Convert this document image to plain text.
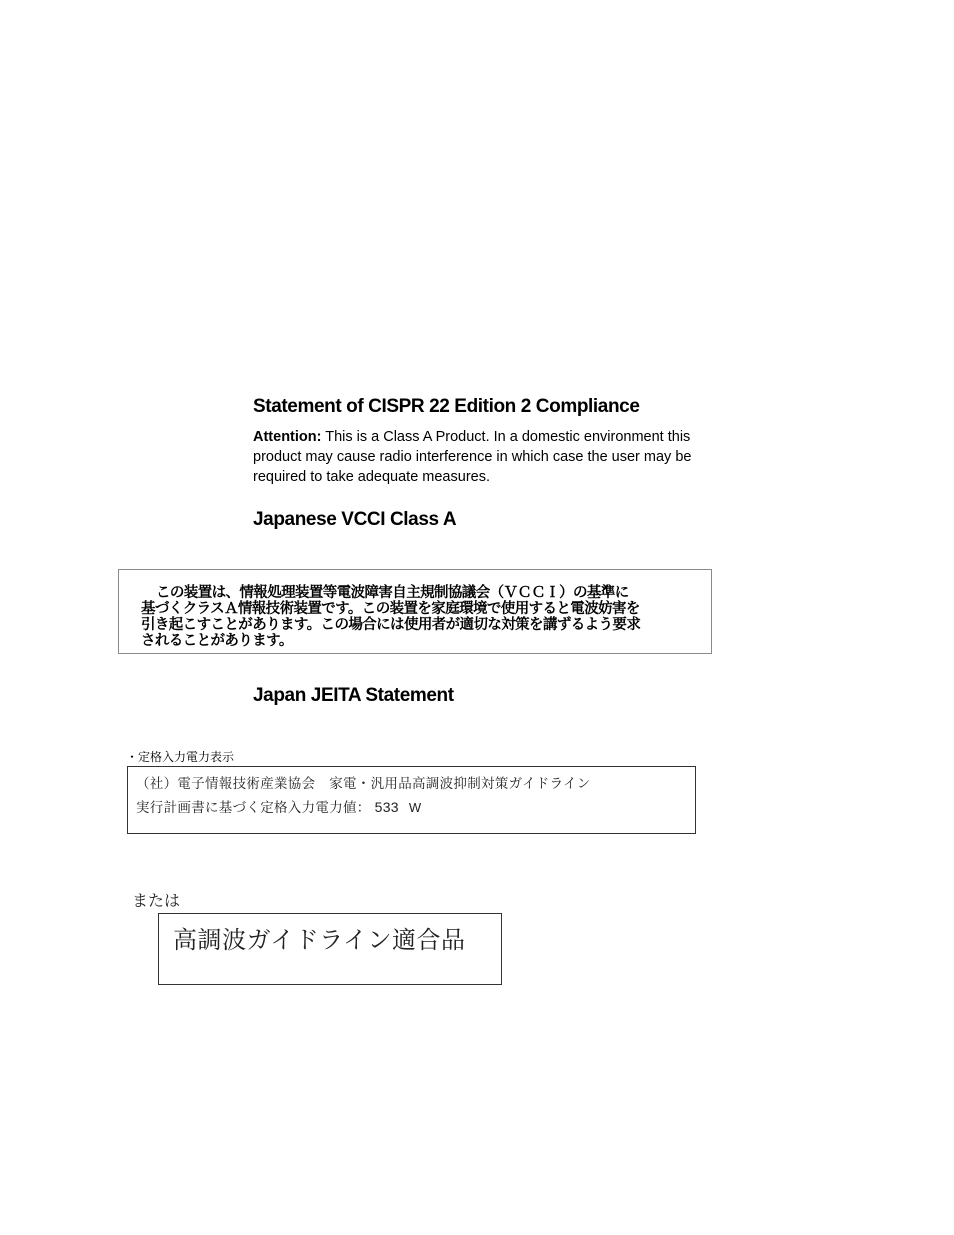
Statement of CISPR 22 Edition 2 Compliance
Attention: This is a Class A Product. In a domestic environment this product may cause radio interference in which case the user may be required to take adequate measures.
Japanese VCCI Class A
この装置は、情報処理装置等電波障害自主規制協議会（ＶＣＣＩ）の基準に
基づくクラスＡ情報技術装置です。この装置を家庭環境で使用すると電波妨害を
引き起こすことがあります。この場合には使用者が適切な対策を講ずるよう要求
されることがあります。
Japan JEITA Statement
・定格入力電力表示
（社）電子情報技術産業協会　家電・汎用品高調波抑制対策ガイドライン
実行計画書に基づく定格入力電力値： 533 W
または
高調波ガイドライン適合品
